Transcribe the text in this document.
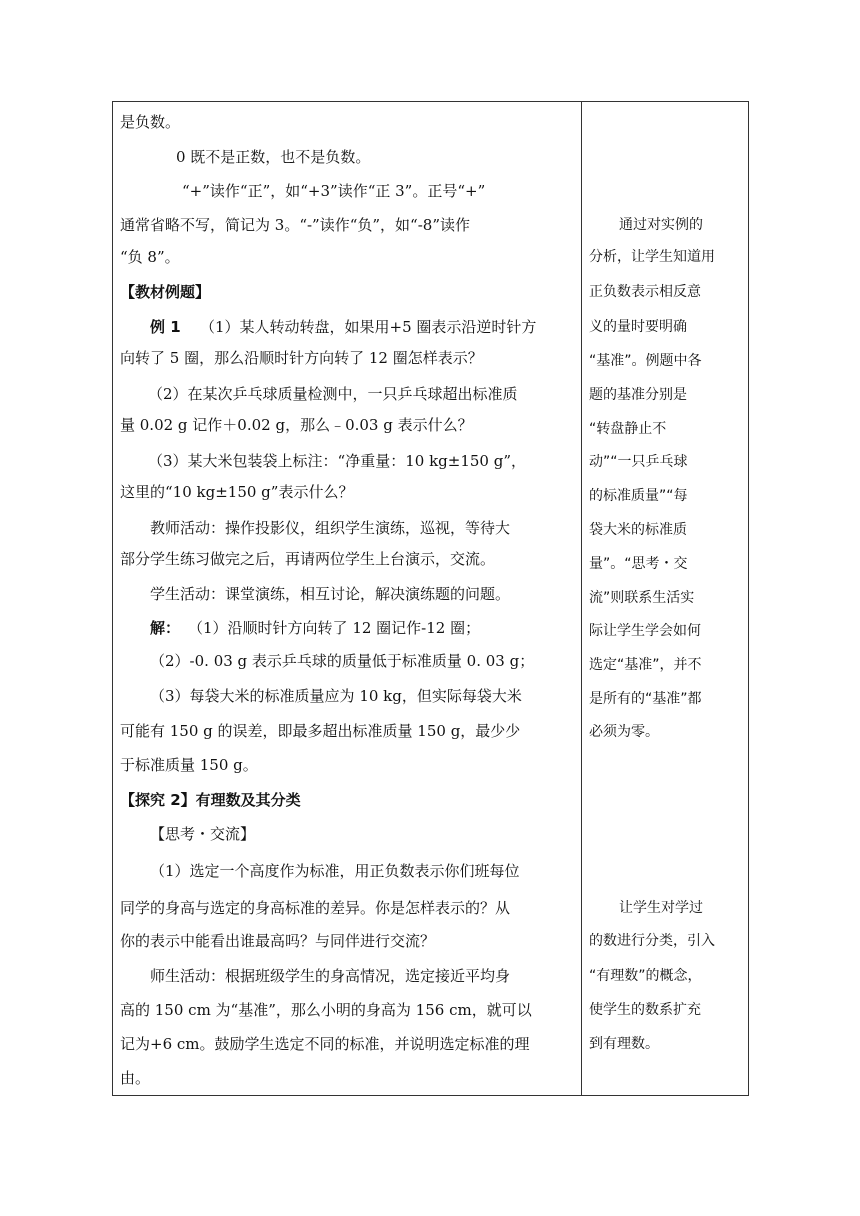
是负数。
0 既不是正数，也不是负数。
“+”读作“正”，如“+3”读作“正 3”。正号“+”
通常省略不写，简记为 3。“-”读作“负”，如“-8”读作
“负 8”。
【教材例题】
例 1 （1）某人转动转盘，如果用+5 圈表示沿逆时针方
向转了 5 圈，那么沿顺时针方向转了 12 圈怎样表示？
（2）在某次乒乓球质量检测中，一只乒乓球超出标准质
量 0.02 g 记作＋0.02 g，那么﹣0.03 g 表示什么？
（3）某大米包装袋上标注：“净重量：10 kg±150 g”，
这里的“10 kg±150 g”表示什么？
教师活动：操作投影仪，组织学生演练，巡视，等待大
部分学生练习做完之后，再请两位学生上台演示，交流。
学生活动：课堂演练，相互讨论，解决演练题的问题。
解： （1）沿顺时针方向转了 12 圈记作-12 圈；
（2）-0. 03 g 表示乒乓球的质量低于标准质量 0. 03 g；
（3）每袋大米的标准质量应为 10 kg，但实际每袋大米
可能有 150 g 的误差，即最多超出标准质量 150 g，最少少
于标准质量 150 g。
【探究 2】有理数及其分类
【思考・交流】
（1）选定一个高度作为标准，用正负数表示你们班每位
同学的身高与选定的身高标准的差异。你是怎样表示的？从
你的表示中能看出谁最高吗？与同伴进行交流？
师生活动：根据班级学生的身高情况，选定接近平均身
高的 150 cm 为“基准”，那么小明的身高为 156 cm，就可以
记为+6 cm。鼓励学生选定不同的标准，并说明选定标准的理
由。
通过对实例的
分析，让学生知道用
正负数表示相反意
义的量时要明确
“基准”。例题中各
题的基准分别是
“转盘静止不
动”“一只乒乓球
的标准质量”“每
袋大米的标准质
量”。“思考・交
流”则联系生活实
际让学生学会如何
选定“基准”，并不
是所有的“基准”都
必须为零。
让学生对学过
的数进行分类，引入
“有理数”的概念，
使学生的数系扩充
到有理数。
